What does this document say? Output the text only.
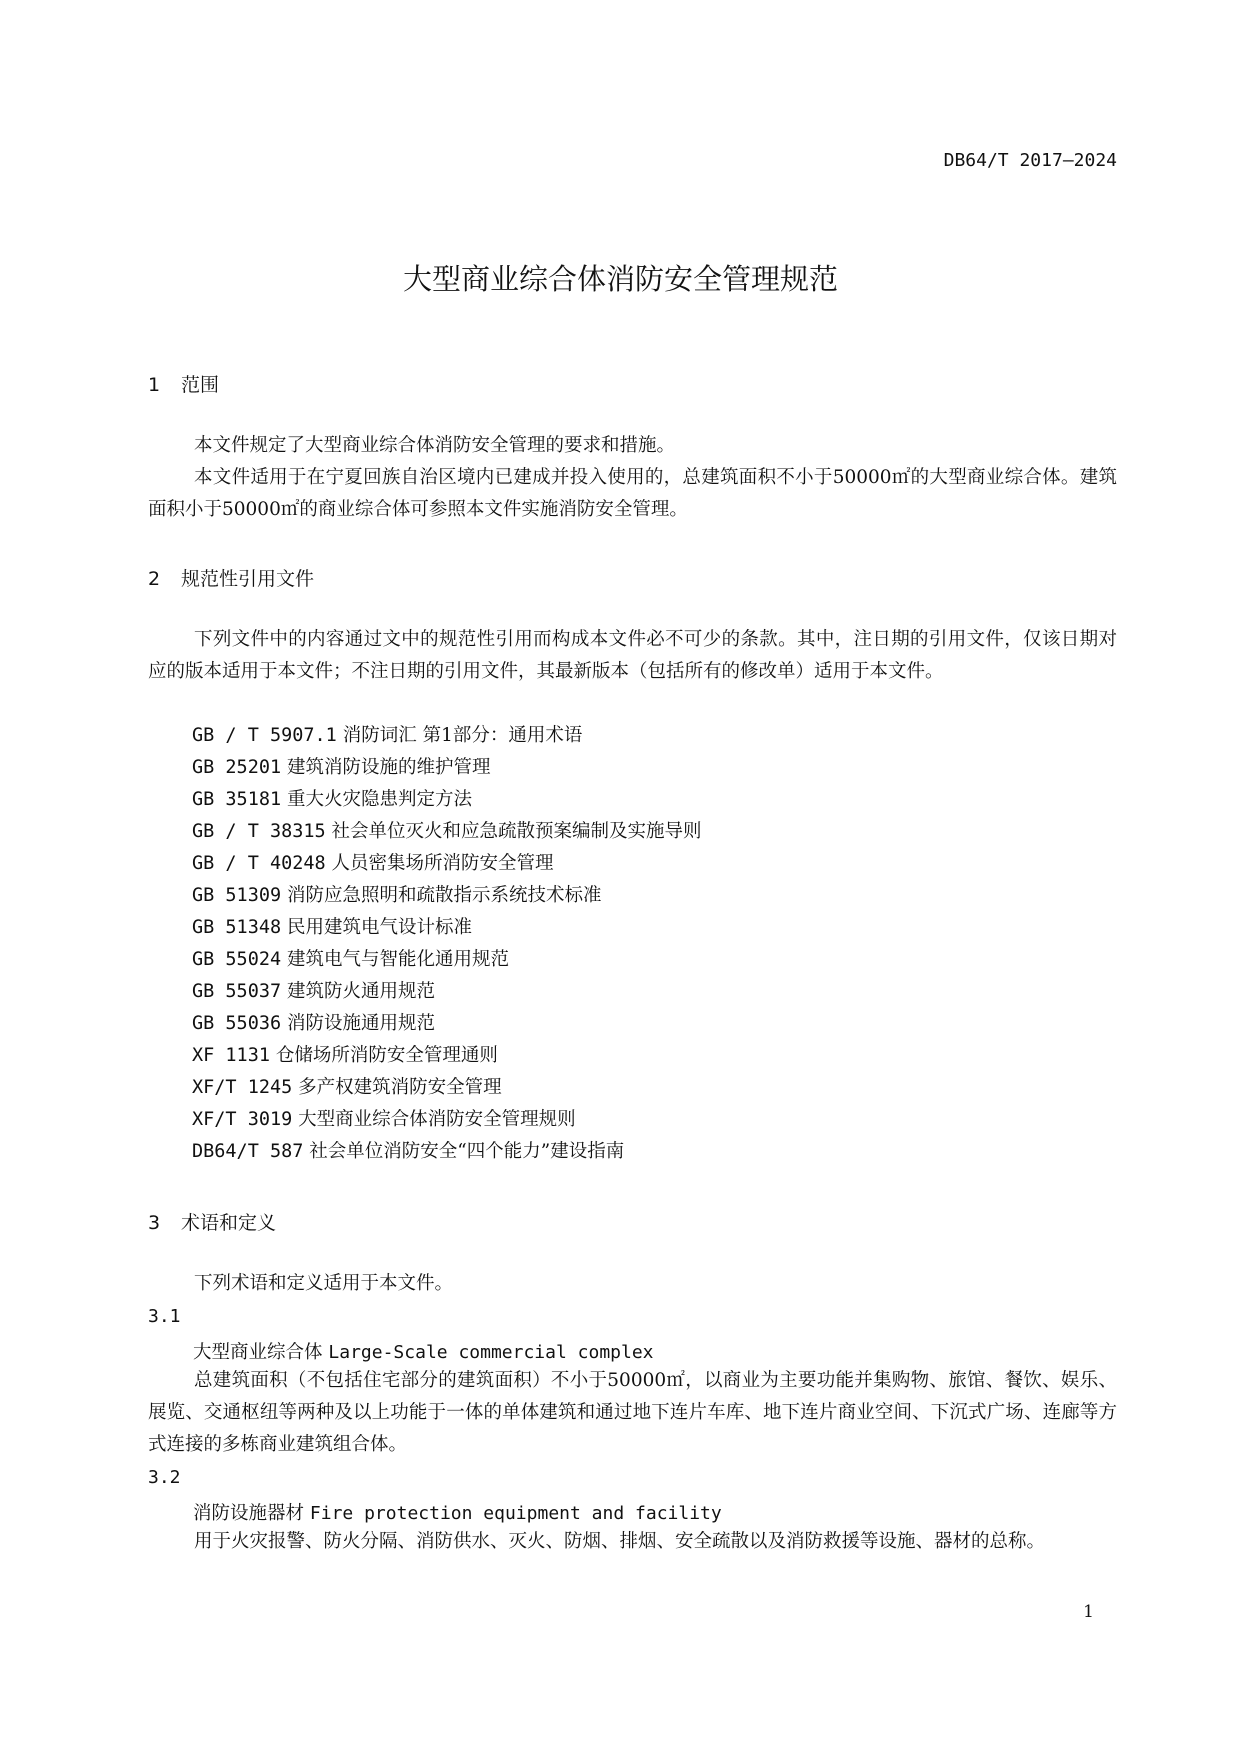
DB64/T 2017—2024
大型商业综合体消防安全管理规范
1 范围
本文件规定了大型商业综合体消防安全管理的要求和措施。
本文件适用于在宁夏回族自治区境内已建成并投入使用的，总建筑面积不小于50000㎡的大型商业综合体。建筑面积小于50000㎡的商业综合体可参照本文件实施消防安全管理。
2 规范性引用文件
下列文件中的内容通过文中的规范性引用而构成本文件必不可少的条款。其中，注日期的引用文件，仅该日期对应的版本适用于本文件；不注日期的引用文件，其最新版本（包括所有的修改单）适用于本文件。
GB / T 5907.1 消防词汇 第1部分：通用术语
GB 25201 建筑消防设施的维护管理
GB 35181 重大火灾隐患判定方法
GB / T 38315 社会单位灭火和应急疏散预案编制及实施导则
GB / T 40248 人员密集场所消防安全管理
GB 51309 消防应急照明和疏散指示系统技术标准
GB 51348 民用建筑电气设计标准
GB 55024 建筑电气与智能化通用规范
GB 55037 建筑防火通用规范
GB 55036 消防设施通用规范
XF 1131 仓储场所消防安全管理通则
XF/T 1245 多产权建筑消防安全管理
XF/T 3019 大型商业综合体消防安全管理规则
DB64/T 587 社会单位消防安全“四个能力”建设指南
3 术语和定义
下列术语和定义适用于本文件。
3.1
大型商业综合体 Large-Scale commercial complex
总建筑面积（不包括住宅部分的建筑面积）不小于50000㎡，以商业为主要功能并集购物、旅馆、餐饮、娱乐、展览、交通枢纽等两种及以上功能于一体的单体建筑和通过地下连片车库、地下连片商业空间、下沉式广场、连廊等方式连接的多栋商业建筑组合体。
3.2
消防设施器材 Fire protection equipment and facility
用于火灾报警、防火分隔、消防供水、灭火、防烟、排烟、安全疏散以及消防救援等设施、器材的总称。
1
